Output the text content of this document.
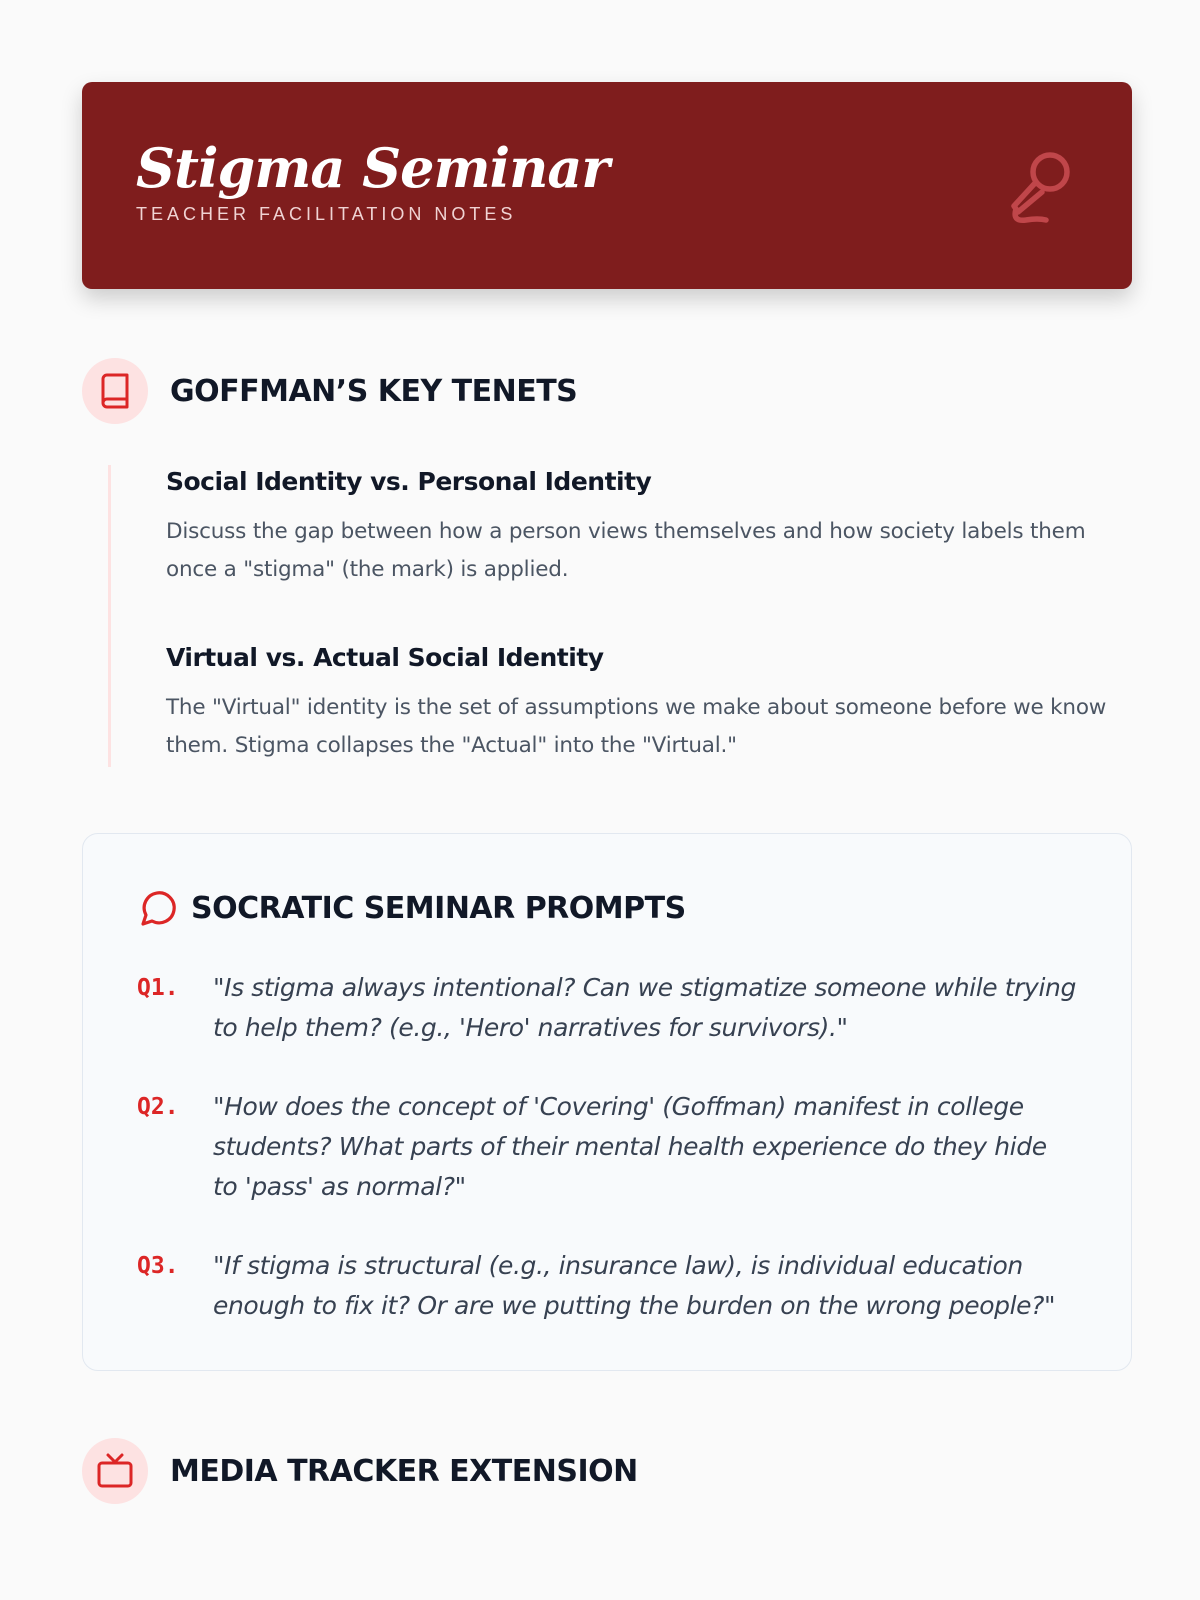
Stigma Seminar
TEACHER FACILITATION NOTES
GOFFMAN’S KEY TENETS
Social Identity vs. Personal Identity
Discuss the gap between how a person views themselves and how society labels them once a "stigma" (the mark) is applied.
Virtual vs. Actual Social Identity
The "Virtual" identity is the set of assumptions we make about someone before we know them. Stigma collapses the "Actual" into the "Virtual."
SOCRATIC SEMINAR PROMPTS
Q1.	"Is stigma always intentional? Can we stigmatize someone while trying to help them? (e.g., 'Hero' narratives for survivors)."
Q2.	"How does the concept of 'Covering' (Goffman) manifest in college students? What parts of their mental health experience do they hide to 'pass' as normal?"
Q3.	"If stigma is structural (e.g., insurance law), is individual education enough to fix it? Or are we putting the burden on the wrong people?"
MEDIA TRACKER EXTENSION
